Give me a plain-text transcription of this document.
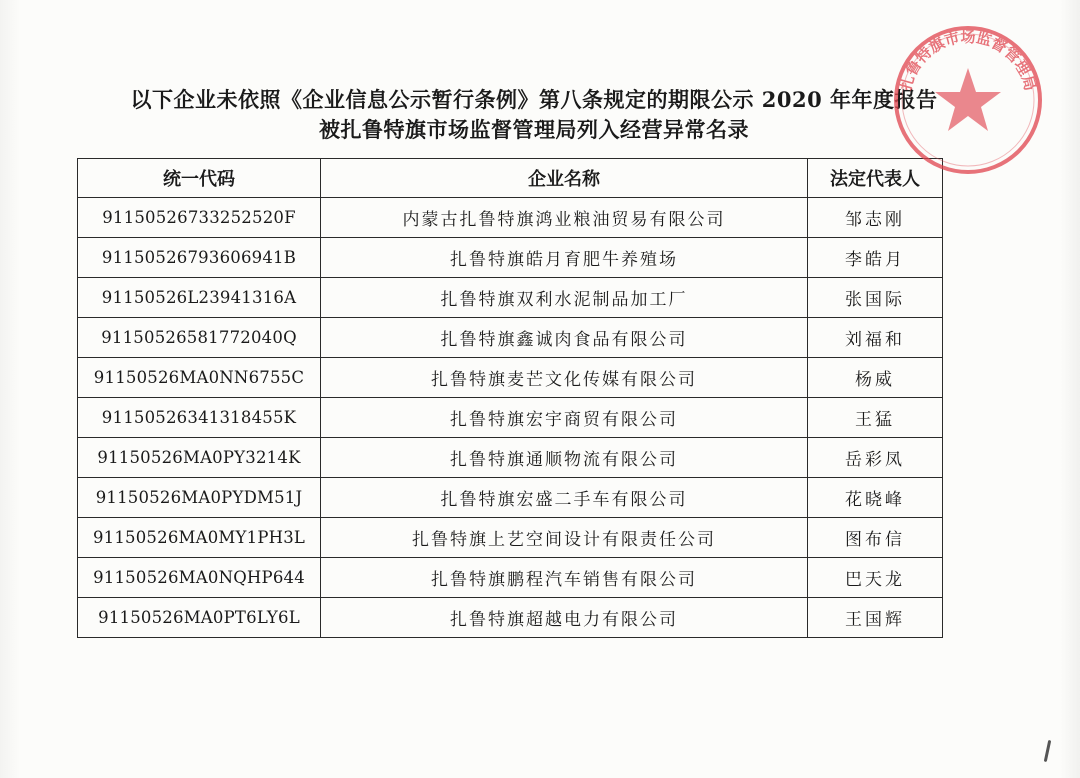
以下企业未依照《企业信息公示暂行条例》第八条规定的期限公示 2020 年年度报告
被扎鲁特旗市场监督管理局列入经营异常名录
统一代码	企业名称	法定代表人
91150526733252520F	内蒙古扎鲁特旗鸿业粮油贸易有限公司	邹志刚
91150526793606941B	扎鲁特旗皓月育肥牛养殖场	李皓月
91150526L23941316A	扎鲁特旗双利水泥制品加工厂	张国际
91150526581772040Q	扎鲁特旗鑫诚肉食品有限公司	刘福和
91150526MA0NN6755C	扎鲁特旗麦芒文化传媒有限公司	杨威
91150526341318455K	扎鲁特旗宏宇商贸有限公司	王猛
91150526MA0PY3214K	扎鲁特旗通顺物流有限公司	岳彩凤
91150526MA0PYDM51J	扎鲁特旗宏盛二手车有限公司	花晓峰
91150526MA0MY1PH3L	扎鲁特旗上艺空间设计有限责任公司	图布信
91150526MA0NQHP644	扎鲁特旗鹏程汽车销售有限公司	巴天龙
91150526MA0PT6LY6L	扎鲁特旗超越电力有限公司	王国辉
扎鲁特旗市场监督管理局
